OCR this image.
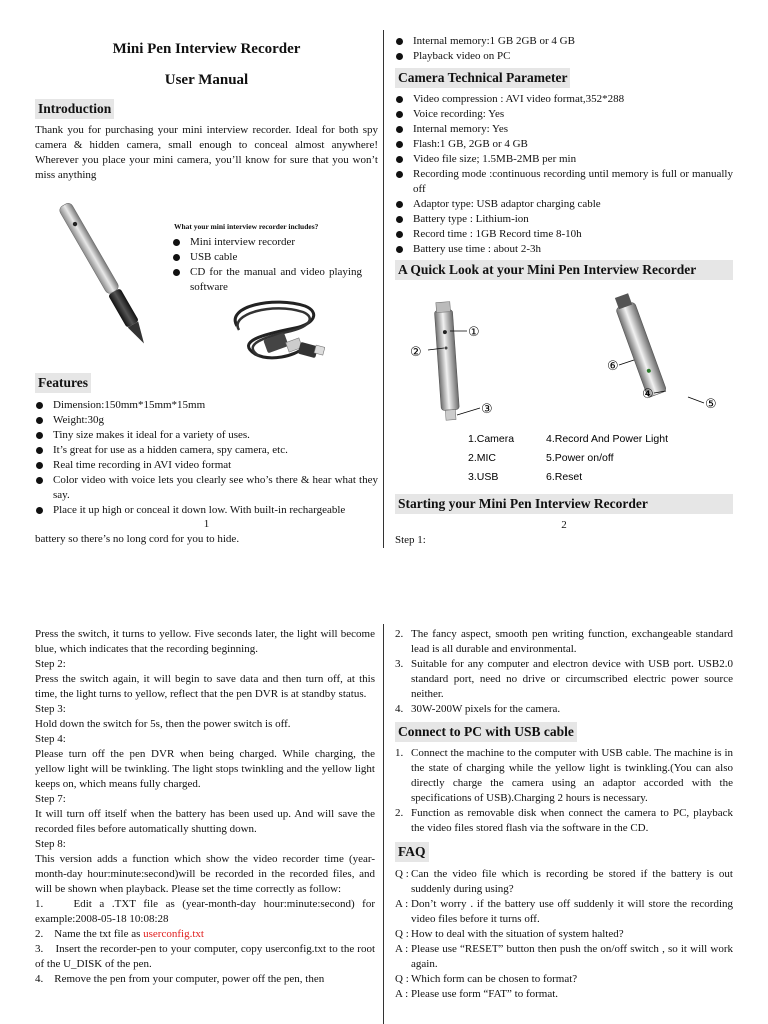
Mini Pen Interview Recorder

User Manual

Introduction

Thank you for purchasing your mini interview recorder. Ideal for both spy camera & hidden camera, small enough to conceal almost anywhere! Wherever you place your mini camera, you’ll know for sure that you won’t miss anything

What your mini interview recorder includes?

Mini interview recorder
USB cable
CD for the manual and video playing software
Features
Dimension:150mm*15mm*15mm
Weight:30g
Tiny size makes it ideal for a variety of uses.
It’s great for use as a hidden camera, spy camera, etc.
Real time recording in AVI video format
Color video with voice lets you clearly see who’s there & hear what they say.
Place it up high or conceal it down low. With built-in rechargeable

1

battery so there’s no long cord for you to hide.

Internal memory:1 GB 2GB or 4 GB
Playback video on PC
Camera Technical Parameter
Video compression : AVI video format,352*288
Voice recording: Yes
Internal memory: Yes
Flash:1 GB, 2GB or 4 GB
Video file size; 1.5MB-2MB per min
Recording mode :continuous recording until memory is full or manually off
Adaptor type: USB adaptor charging cable
Battery type : Lithium-ion
Record time : 1GB Record time 8-10h
Battery use time : about 2-3h
A Quick Look at your Mini Pen Interview Recorder
①
②
③
⑥
④
⑤
1.Camera	4.Record And Power Light
2.MIC	5.Power on/off
3.USB	6.Reset
Starting your Mini Pen Interview Recorder

2

Step 1:

Press the switch, it turns to yellow. Five seconds later, the light will become blue, which indicates that the recording beginning.

Step 2:

Press the switch again, it will begin to save data and then turn off, at this time, the light turns to yellow, reflect that the pen DVR is at standby status.

Step 3:

Hold down the switch for 5s, then the power switch is off.

Step 4:

Please turn off the pen DVR when being charged. While charging, the yellow light will be twinkling. The light stops twinkling and the yellow light keeps on, which means fully charged.

Step 7:

It will turn off itself when the battery has been used up. And will save the recorded files before automatically shutting down.

Step 8:

This version adds a function which show the video recorder time (year-month-day hour:minute:second)will be recorded in the recorded files, and will be shown when playback. Please set the time correctly as follow:

1.	Edit a .TXT file as (year-month-day hour:minute:second) for example:2008-05-18 10:08:28

2. Name the txt file as userconfig.txt

3. Insert the recorder-pen to your computer, copy userconfig.txt to the root of the U_DISK of the pen.

4. Remove the pen from your computer, power off the pen, then

2. The fancy aspect, smooth pen writing function, exchangeable standard lead is all durable and environmental.
3. Suitable for any computer and electron device with USB port. USB2.0 standard port, need no drive or circumscribed electric power source neither.
4. 30W-200W pixels for the camera.
Connect to PC with USB cable
1. Connect the machine to the computer with USB cable. The machine is in the state of charging while the yellow light is twinkling.(You can also directly charge the camera using an adaptor accorded with the specifications of USB).Charging 2 hours is necessary.
2. Function as removable disk when connect the camera to PC, playback the video files stored flash via the software in the CD.
FAQ
Q : Can the video file which is recording be stored if the battery is out suddenly during using?
A : Don’t worry . if the battery use off suddenly it will store the recording video files before it turns off.
Q : How to deal with the situation of system halted?
A : Please use “RESET” button then push the on/off switch , so it will work again.
Q : Which form can be chosen to format?
A : Please use form “FAT” to format.
